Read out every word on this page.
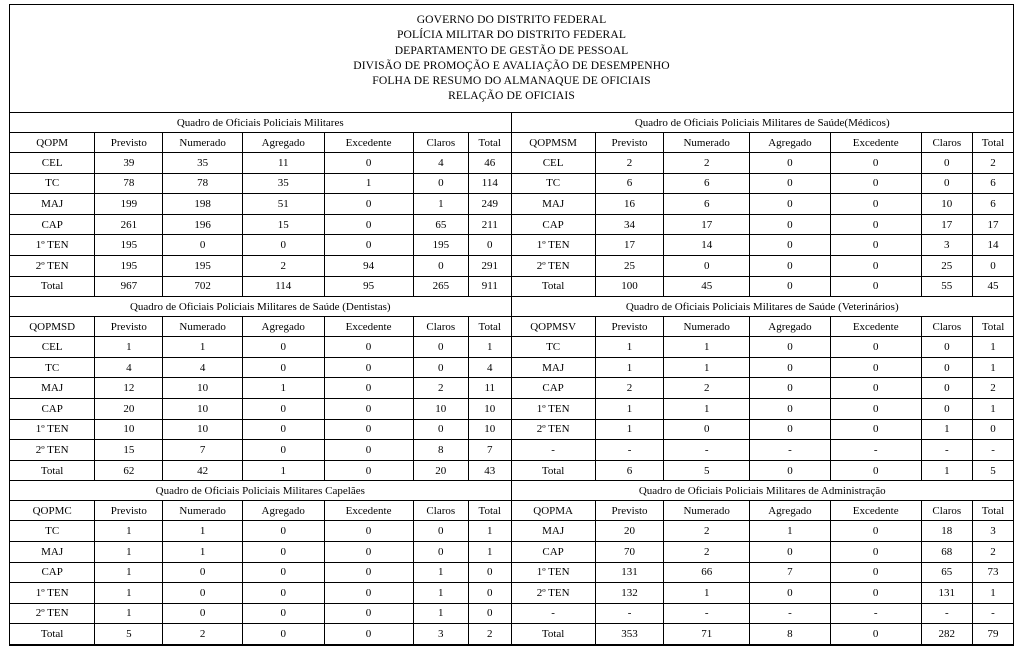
GOVERNO DO DISTRITO FEDERAL
POLÍCIA MILITAR DO DISTRITO FEDERAL
DEPARTAMENTO DE GESTÃO DE PESSOAL
DIVISÃO DE PROMOÇÃO E AVALIAÇÃO DE DESEMPENHO
FOLHA DE RESUMO DO ALMANAQUE DE OFICIAIS
RELAÇÃO DE OFICIAIS
Quadro de Oficiais Policiais Militares						
QOPM	Previsto	Numerado	Agregado	Excedente	Claros	Total
CEL	39	35	11	0	4	46
TC	78	78	35	1	0	114
MAJ	199	198	51	0	1	249
CAP	261	196	15	0	65	211
1º TEN	195	0	0	0	195	0
2º TEN	195	195	2	94	0	291
Total	967	702	114	95	265	911
Quadro de Oficiais Policiais Militares de Saúde (Dentistas)						
QOPMSD	Previsto	Numerado	Agregado	Excedente	Claros	Total
CEL	1	1	0	0	0	1
TC	4	4	0	0	0	4
MAJ	12	10	1	0	2	11
CAP	20	10	0	0	10	10
1º TEN	10	10	0	0	0	10
2º TEN	15	7	0	0	8	7
Total	62	42	1	0	20	43
Quadro de Oficiais Policiais Militares Capelães						
QOPMC	Previsto	Numerado	Agregado	Excedente	Claros	Total
TC	1	1	0	0	0	1
MAJ	1	1	0	0	0	1
CAP	1	0	0	0	1	0
1º TEN	1	0	0	0	1	0
2º TEN	1	0	0	0	1	0
Total	5	2	0	0	3	2
Quadro de Oficiais Policiais Militares de Saúde(Médicos)						
QOPMSM	Previsto	Numerado	Agregado	Excedente	Claros	Total
CEL	2	2	0	0	0	2
TC	6	6	0	0	0	6
MAJ	16	6	0	0	10	6
CAP	34	17	0	0	17	17
1º TEN	17	14	0	0	3	14
2º TEN	25	0	0	0	25	0
Total	100	45	0	0	55	45
Quadro de Oficiais Policiais Militares de Saúde (Veterinários)						
QOPMSV	Previsto	Numerado	Agregado	Excedente	Claros	Total
TC	1	1	0	0	0	1
MAJ	1	1	0	0	0	1
CAP	2	2	0	0	0	2
1º TEN	1	1	0	0	0	1
2º TEN	1	0	0	0	1	0
-	-	-	-	-	-	-
Total	6	5	0	0	1	5
Quadro de Oficiais Policiais Militares de Administração						
QOPMA	Previsto	Numerado	Agregado	Excedente	Claros	Total
MAJ	20	2	1	0	18	3
CAP	70	2	0	0	68	2
1º TEN	131	66	7	0	65	73
2º TEN	132	1	0	0	131	1
-	-	-	-	-	-	-
Total	353	71	8	0	282	79
